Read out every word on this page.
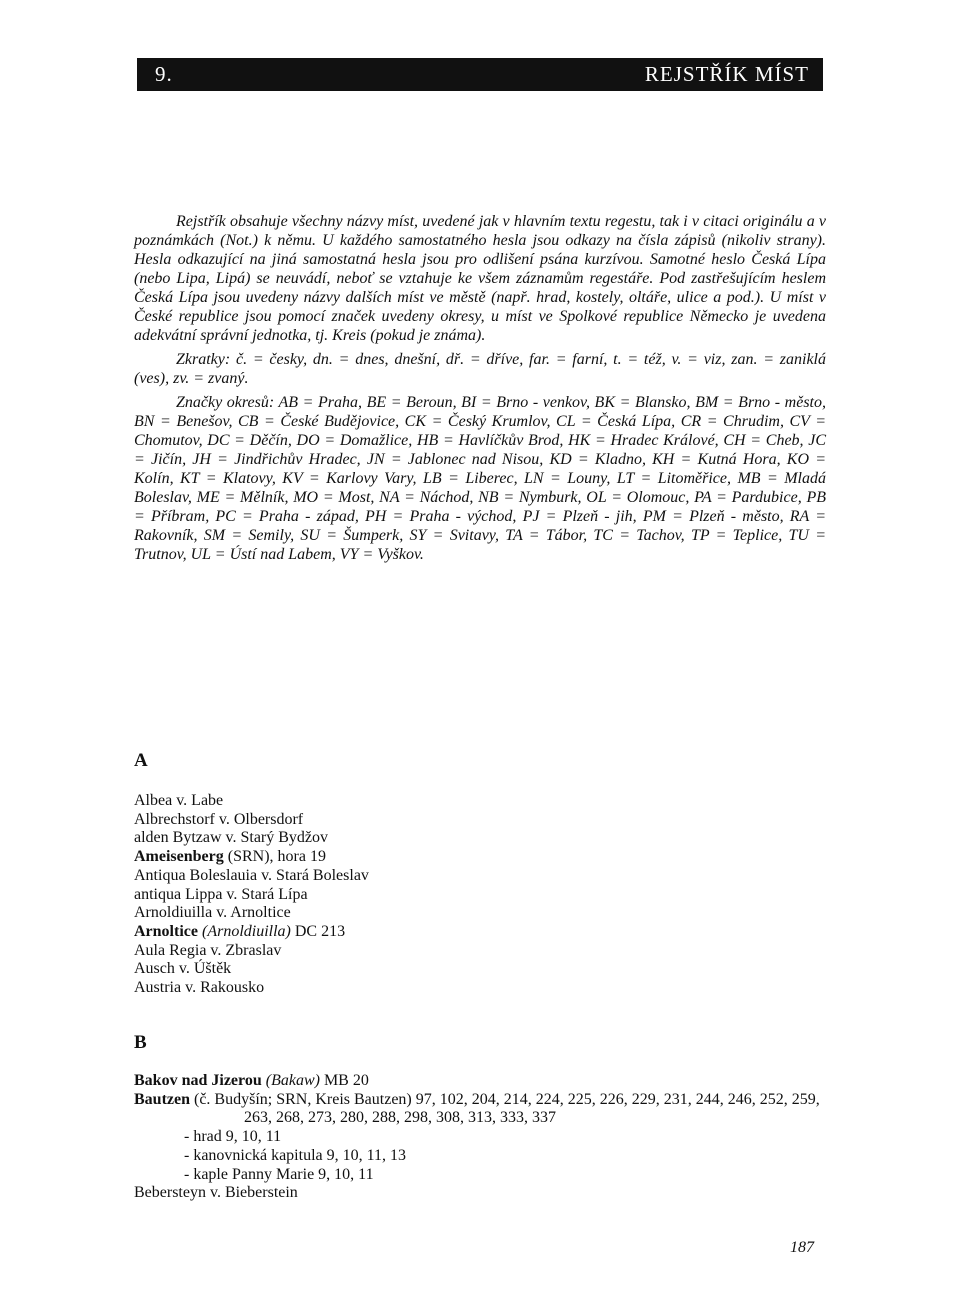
9.	REJSTŘÍK MÍST

Rejstřík obsahuje všechny názvy míst, uvedené jak v hlavním textu regestu, tak i v citaci originálu a v poznámkách (Not.) k němu. U každého samostatného hesla jsou odkazy na čísla zápisů (nikoliv strany). Hesla odkazující na jiná samostatná hesla jsou pro odlišení psána kurzívou. Samotné heslo Česká Lípa (nebo Lipa, Lipá) se neuvádí, neboť se vztahuje ke všem záznamům regestáře. Pod zastřešujícím heslem Česká Lípa jsou uvedeny názvy dalších míst ve městě (např. hrad, kostely, oltáře, ulice a pod.). U míst v České republice jsou pomocí značek uvedeny okresy, u míst ve Spolkové republice Německo je uvedena adekvátní správní jednotka, tj. Kreis (pokud je známa).

Zkratky: č. = česky, dn. = dnes, dnešní, dř. = dříve, far. = farní, t. = též, v. = viz, zan. = zaniklá (ves), zv. = zvaný.

Značky okresů: AB = Praha, BE = Beroun, BI = Brno - venkov, BK = Blansko, BM = Brno - město, BN = Benešov, CB = České Budějovice, CK = Český Krumlov, CL = Česká Lípa, CR = Chrudim, CV = Chomutov, DC = Děčín, DO = Domažlice, HB = Havlíčkův Brod, HK = Hradec Králové, CH = Cheb, JC = Jičín, JH = Jindřichův Hradec, JN = Jablonec nad Nisou, KD = Kladno, KH = Kutná Hora, KO = Kolín, KT = Klatovy, KV = Karlovy Vary, LB = Liberec, LN = Louny, LT = Litoměřice, MB = Mladá Boleslav, ME = Mělník, MO = Most, NA = Náchod, NB = Nymburk, OL = Olomouc, PA = Pardubice, PB = Příbram, PC = Praha - západ, PH = Praha - východ, PJ = Plzeň - jih, PM = Plzeň - město, RA = Rakovník, SM = Semily, SU = Šumperk, SY = Svitavy, TA = Tábor, TC = Tachov, TP = Teplice, TU = Trutnov, UL = Ústí nad Labem, VY = Vyškov.

A
Albea v. Labe
Albrechstorf v. Olbersdorf
alden Bytzaw v. Starý Bydžov
Ameisenberg (SRN), hora 19
Antiqua Boleslauia v. Stará Boleslav
antiqua Lippa v. Stará Lípa
Arnoldiuilla v. Arnoltice
Arnoltice (Arnoldiuilla) DC 213
Aula Regia v. Zbraslav
Ausch v. Úštěk
Austria v. Rakousko
B
Bakov nad Jizerou (Bakaw) MB 20
Bautzen (č. Budyšín; SRN, Kreis Bautzen) 97, 102, 204, 214, 224, 225, 226, 229, 231, 244, 246, 252, 259, 263, 268, 273, 280, 288, 298, 308, 313, 333, 337
- hrad 9, 10, 11
- kanovnická kapitula 9, 10, 11, 13
- kaple Panny Marie 9, 10, 11
Bebersteyn v. Bieberstein
187
